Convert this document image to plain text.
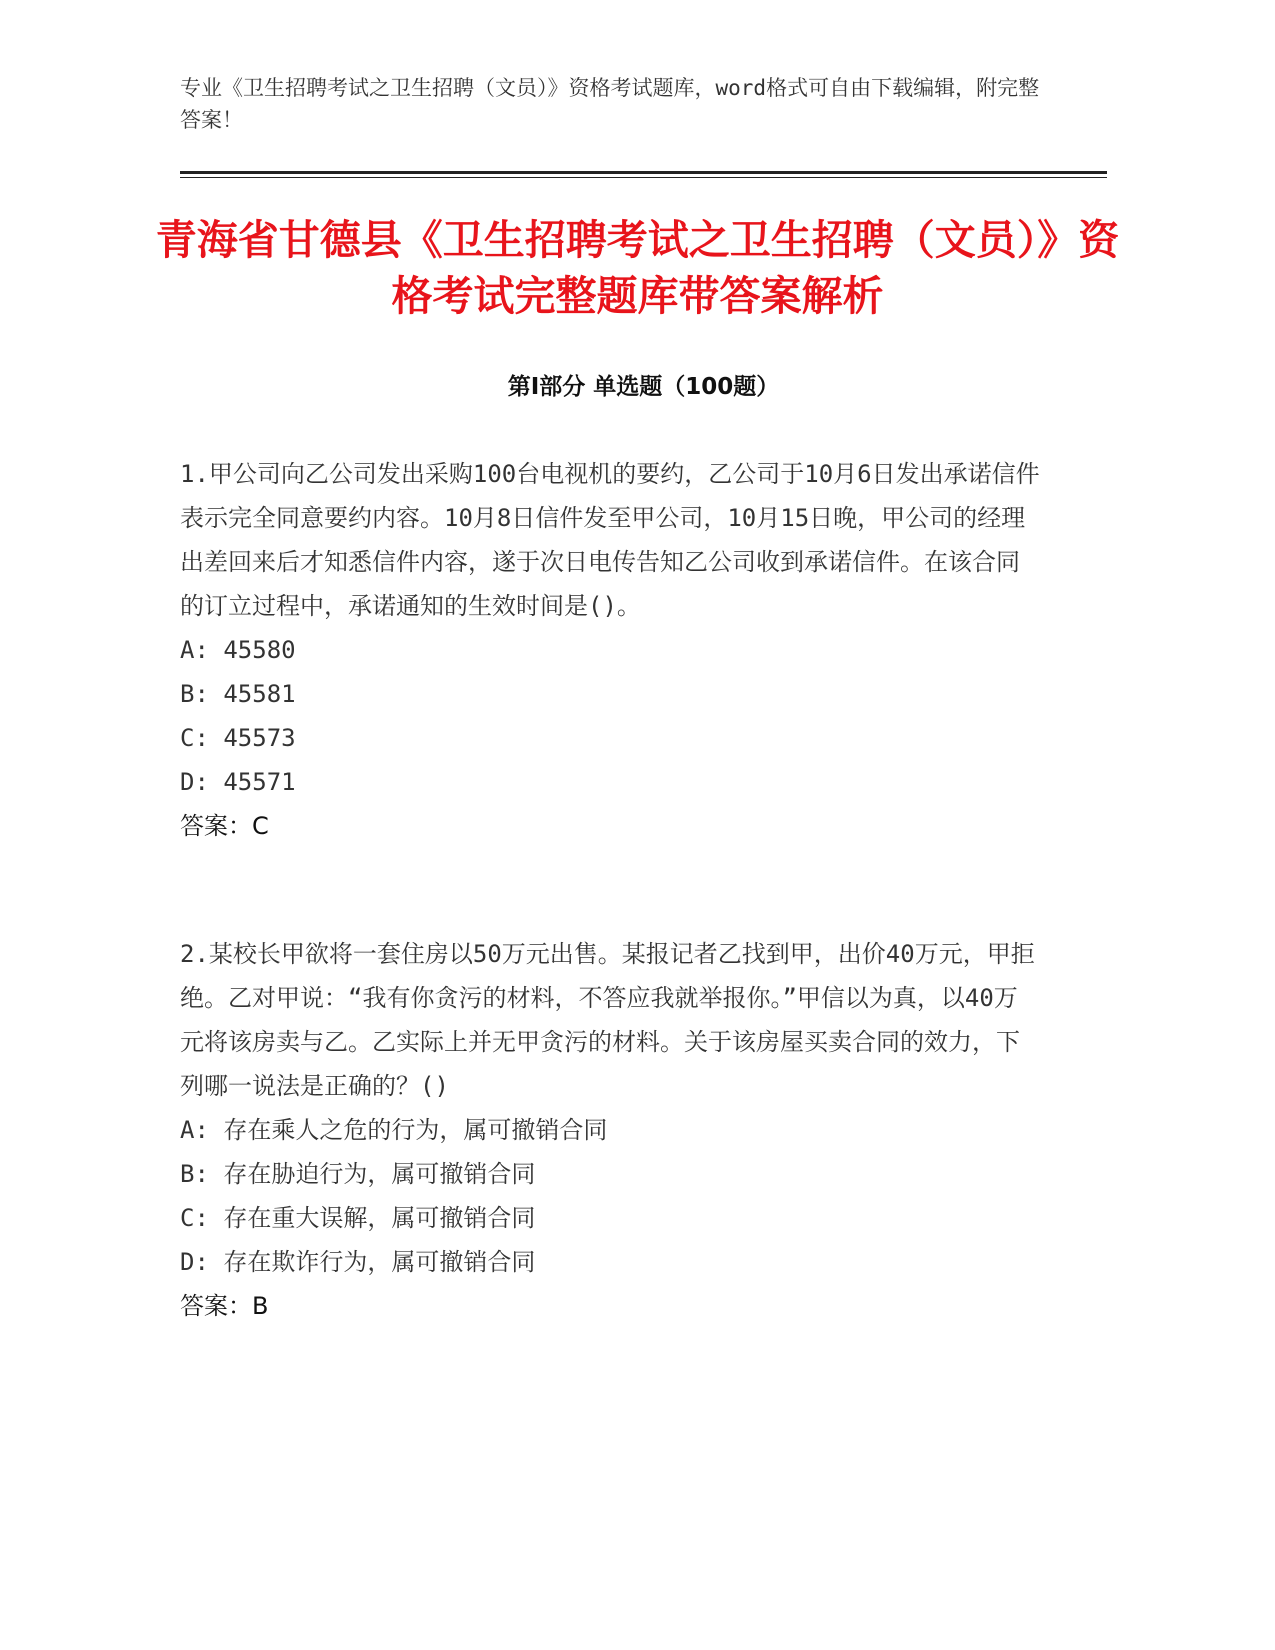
专业《卫生招聘考试之卫生招聘（文员）》资格考试题库，word格式可自由下载编辑，附完整答案！
青海省甘德县《卫生招聘考试之卫生招聘（文员）》资格考试完整题库带答案解析
第Ⅰ部分 单选题（100题）

1.甲公司向乙公司发出采购100台电视机的要约，乙公司于10月6日发出承诺信件表示完全同意要约内容。10月8日信件发至甲公司，10月15日晚，甲公司的经理出差回来后才知悉信件内容，遂于次日电传告知乙公司收到承诺信件。在该合同的订立过程中，承诺通知的生效时间是()。

A: 45580
B: 45581
C: 45573
D: 45571
答案：C

2.某校长甲欲将一套住房以50万元出售。某报记者乙找到甲，出价40万元，甲拒绝。乙对甲说：“我有你贪污的材料，不答应我就举报你。”甲信以为真，以40万元将该房卖与乙。乙实际上并无甲贪污的材料。关于该房屋买卖合同的效力，下列哪一说法是正确的？()

A: 存在乘人之危的行为，属可撤销合同
B: 存在胁迫行为，属可撤销合同
C: 存在重大误解，属可撤销合同
D: 存在欺诈行为，属可撤销合同
答案：B
